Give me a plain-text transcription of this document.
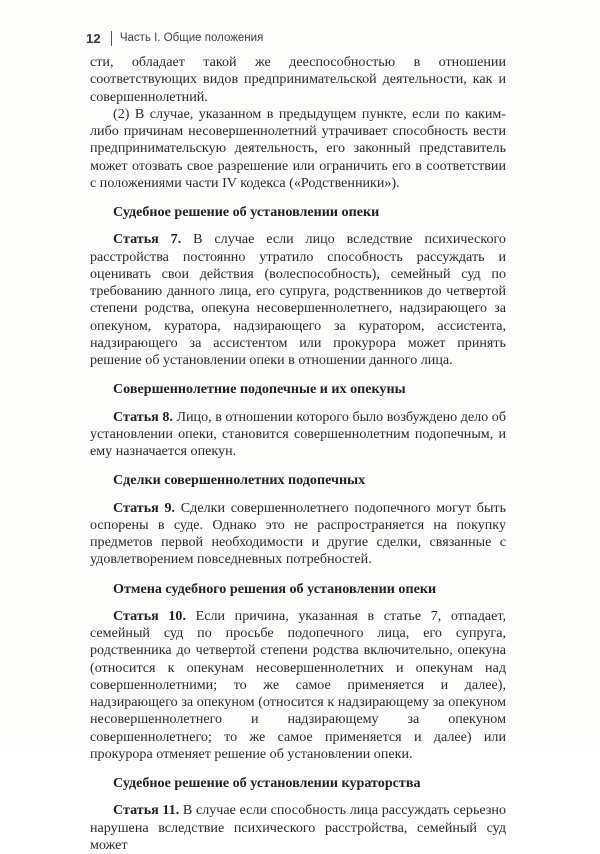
12 Часть I. Общие положения

сти, обладает такой же дееспособностью в отношении соответствующих видов предпринимательской деятельности, как и совершеннолетний.

(2) В случае, указанном в предыдущем пункте, если по каким-либо причинам несовершеннолетний утрачивает способность вести предпринимательскую деятельность, его законный представитель может отозвать свое разрешение или ограничить его в соответствии с положениями части IV кодекса («Родственники»).

Судебное решение об установлении опеки

Статья 7. В случае если лицо вследствие психического расстройства постоянно утратило способность рассуждать и оценивать свои действия (волеспособность), семейный суд по требованию данного лица, его супруга, родственников до четвертой степени родства, опекуна несовершеннолетнего, надзирающего за опекуном, куратора, надзирающего за куратором, ассистента, надзирающего за ассистентом или прокурора может принять решение об установлении опеки в отношении данного лица.

Совершеннолетние подопечные и их опекуны

Статья 8. Лицо, в отношении которого было возбуждено дело об установлении опеки, становится совершеннолетним подопечным, и ему назначается опекун.

Сделки совершеннолетних подопечных

Статья 9. Сделки совершеннолетнего подопечного могут быть оспорены в суде. Однако это не распространяется на покупку предметов первой необходимости и другие сделки, связанные с удовлетворением повседневных потребностей.

Отмена судебного решения об установлении опеки

Статья 10. Если причина, указанная в статье 7, отпадает, семейный суд по просьбе подопечного лица, его супруга, родственника до четвертой степени родства включительно, опекуна (относится к опекунам несовершеннолетних и опекунам над совершеннолетними; то же самое применяется и далее), надзирающего за опекуном (относится к надзирающему за опекуном несовершеннолетнего и надзирающему за опекуном совершеннолетнего; то же самое применяется и далее) или прокурора отменяет решение об установлении опеки.

Судебное решение об установлении кураторства

Статья 11. В случае если способность лица рассуждать серьезно нарушена вследствие психического расстройства, семейный суд может
